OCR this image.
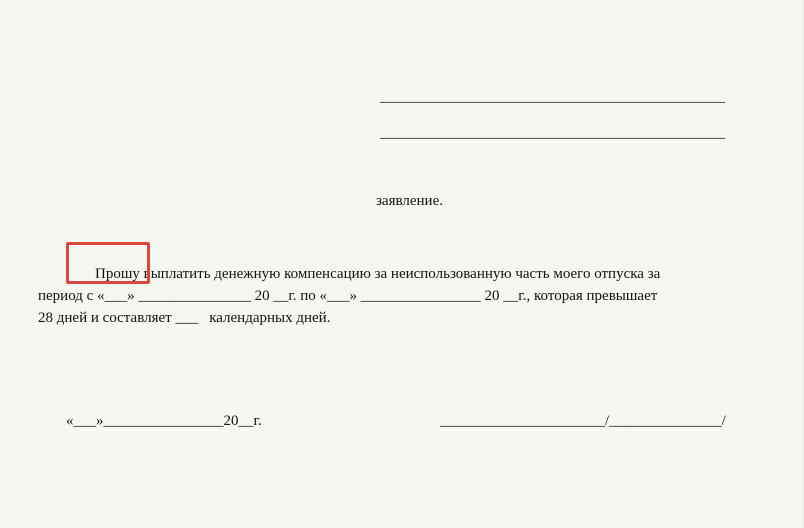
______________________________________________
______________________________________________
заявление.

Прошу выплатить денежную компенсацию за неиспользованную часть моего отпуска за

период с «___» _______________ 20 __г. по «___» ________________ 20 __г., которая превышает
28 дней и составляет ___   календарных дней.
«___»________________20__г.	______________________/_______________/
